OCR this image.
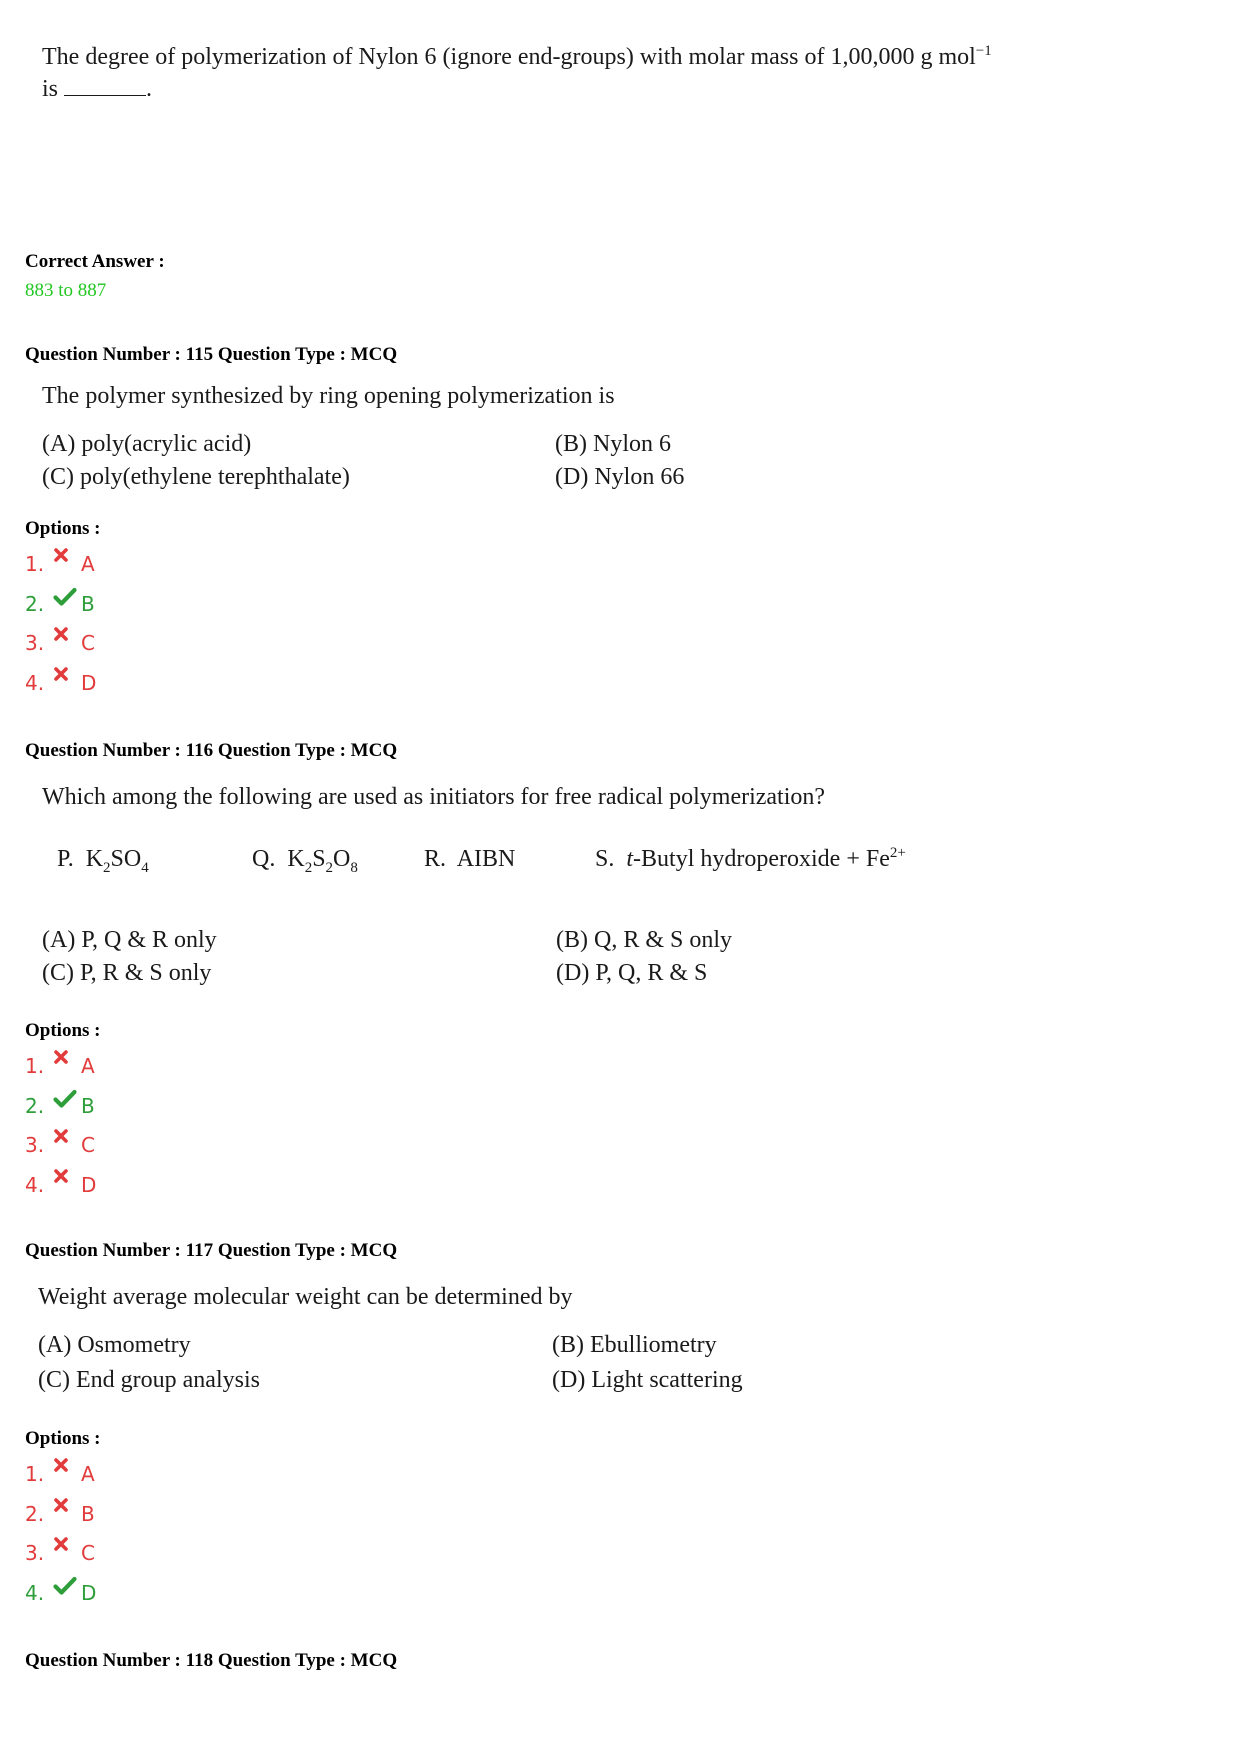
The degree of polymerization of Nylon 6 (ignore end-groups) with molar mass of 1,00,000 g mol$^{-1}$
is	.
Correct Answer :
883 to 887
Question Number : 115 Question Type : MCQ
The polymer synthesized by ring opening polymerization is
(A) poly(acrylic acid)	(B) Nylon 6
(C) poly(ethylene terephthalate)	(D) Nylon 66
Options :
1.	A
2.	B
3.	C
4.	D
Question Number : 116 Question Type : MCQ
Which among the following are used as initiators for free radical polymerization?
P. $K_2SO_4$	Q. $K_2S_2O_8$	R. AIBN	S. t-Butyl hydroperoxide + $Fe^{2+}$
(A) P, Q & R only	(B) Q, R & S only
(C) P, R & S only	(D) P, Q, R & S
Options :
1.	A
2.	B
3.	C
4.	D
Question Number : 117 Question Type : MCQ
Weight average molecular weight can be determined by
(A) Osmometry	(B) Ebulliometry
(C) End group analysis	(D) Light scattering
Options :
1.	A
2.	B
3.	C
4.	D
Question Number : 118 Question Type : MCQ
